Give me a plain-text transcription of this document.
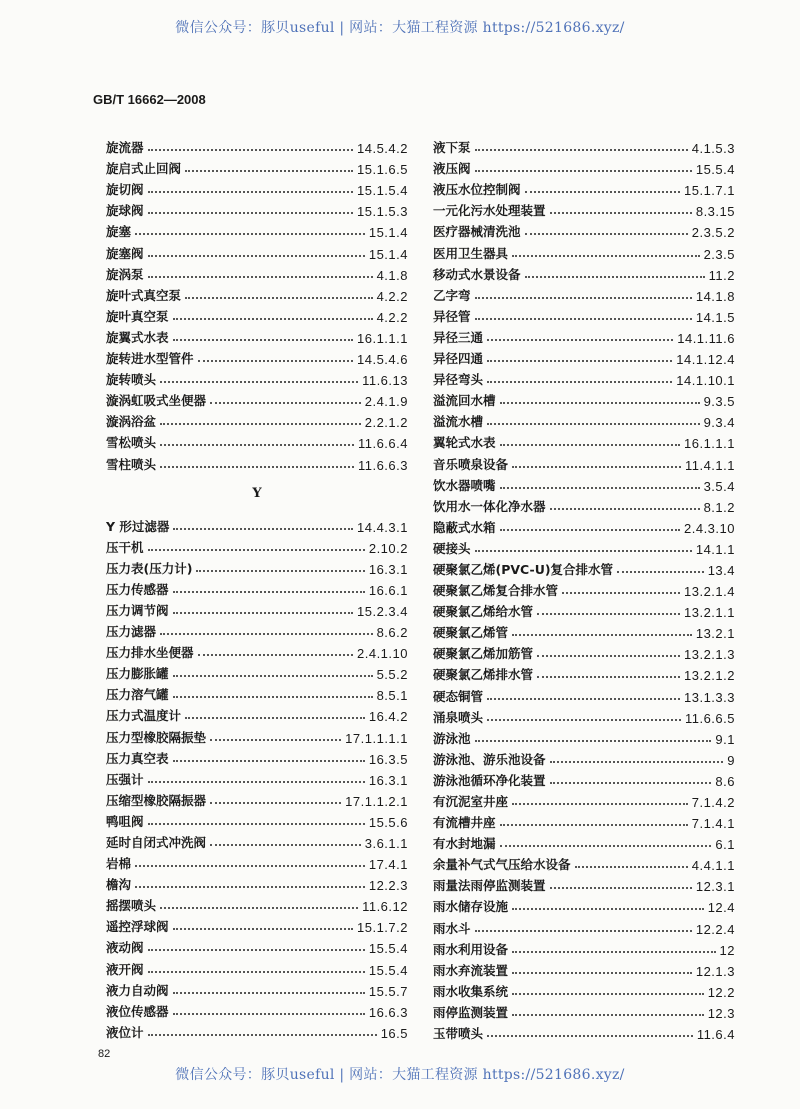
微信公众号：豚贝useful | 网站：大猫工程资源 https://521686.xyz/
GB/T 16662—2008
旋流器	14.5.4.2
旋启式止回阀	15.1.6.5
旋切阀	15.1.5.4
旋球阀	15.1.5.3
旋塞	15.1.4
旋塞阀	15.1.4
旋涡泵	4.1.8
旋叶式真空泵	4.2.2
旋叶真空泵	4.2.2
旋翼式水表	16.1.1.1
旋转进水型管件	14.5.4.6
旋转喷头	11.6.13
漩涡虹吸式坐便器	2.4.1.9
漩涡浴盆	2.2.1.2
雪松喷头	11.6.6.4
雪柱喷头	11.6.6.3
Y
Y 形过滤器	14.4.3.1
压干机	2.10.2
压力表(压力计)	16.3.1
压力传感器	16.6.1
压力调节阀	15.2.3.4
压力滤器	8.6.2
压力排水坐便器	2.4.1.10
压力膨胀罐	5.5.2
压力溶气罐	8.5.1
压力式温度计	16.4.2
压力型橡胶隔振垫	17.1.1.1.1
压力真空表	16.3.5
压强计	16.3.1
压缩型橡胶隔振器	17.1.1.2.1
鸭咀阀	15.5.6
延时自闭式冲洗阀	3.6.1.1
岩棉	17.4.1
檐沟	12.2.3
摇摆喷头	11.6.12
遥控浮球阀	15.1.7.2
液动阀	15.5.4
液开阀	15.5.4
液力自动阀	15.5.7
液位传感器	16.6.3
液位计	16.5
液下泵	4.1.5.3
液压阀	15.5.4
液压水位控制阀	15.1.7.1
一元化污水处理装置	8.3.15
医疗器械清洗池	2.3.5.2
医用卫生器具	2.3.5
移动式水景设备	11.2
乙字弯	14.1.8
异径管	14.1.5
异径三通	14.1.11.6
异径四通	14.1.12.4
异径弯头	14.1.10.1
溢流回水槽	9.3.5
溢流水槽	9.3.4
翼轮式水表	16.1.1.1
音乐喷泉设备	11.4.1.1
饮水器喷嘴	3.5.4
饮用水一体化净水器	8.1.2
隐蔽式水箱	2.4.3.10
硬接头	14.1.1
硬聚氯乙烯(PVC-U)复合排水管	13.4
硬聚氯乙烯复合排水管	13.2.1.4
硬聚氯乙烯给水管	13.2.1.1
硬聚氯乙烯管	13.2.1
硬聚氯乙烯加筋管	13.2.1.3
硬聚氯乙烯排水管	13.2.1.2
硬态铜管	13.1.3.3
涌泉喷头	11.6.6.5
游泳池	9.1
游泳池、游乐池设备	9
游泳池循环净化装置	8.6
有沉泥室井座	7.1.4.2
有流槽井座	7.1.4.1
有水封地漏	6.1
余量补气式气压给水设备	4.4.1.1
雨量法雨停监测装置	12.3.1
雨水储存设施	12.4
雨水斗	12.2.4
雨水利用设备	12
雨水弃流装置	12.1.3
雨水收集系统	12.2
雨停监测装置	12.3
玉带喷头	11.6.4
82
微信公众号：豚贝useful | 网站：大猫工程资源 https://521686.xyz/
